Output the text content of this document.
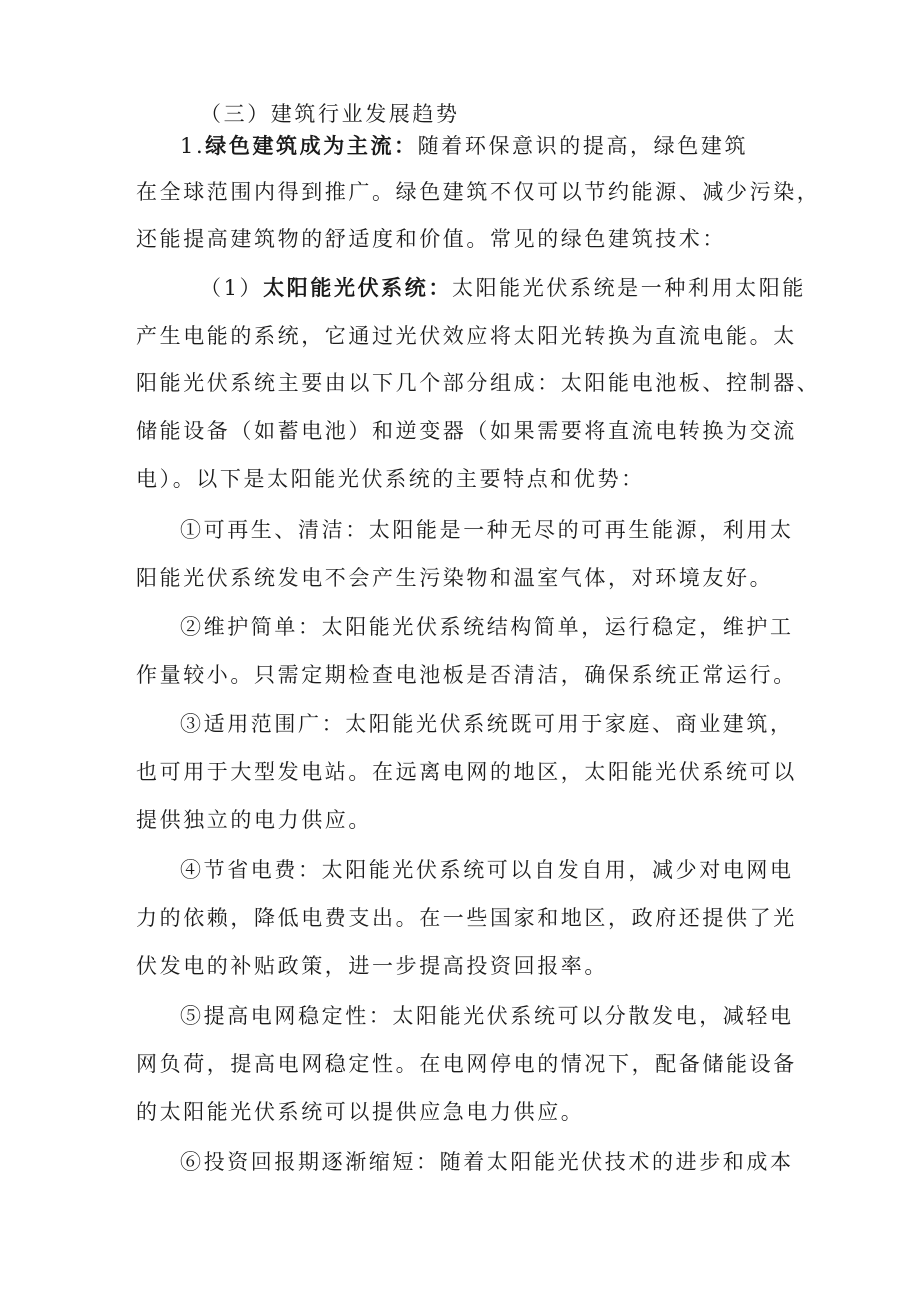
（三）建筑行业发展趋势
1.绿色建筑成为主流：随着环保意识的提高，绿色建筑
在全球范围内得到推广。绿色建筑不仅可以节约能源、减少污染，
还能提高建筑物的舒适度和价值。常见的绿色建筑技术：
（1）太阳能光伏系统：太阳能光伏系统是一种利用太阳能
产生电能的系统，它通过光伏效应将太阳光转换为直流电能。太
阳能光伏系统主要由以下几个部分组成：太阳能电池板、控制器、
储能设备（如蓄电池）和逆变器（如果需要将直流电转换为交流
电）。以下是太阳能光伏系统的主要特点和优势：
①可再生、清洁：太阳能是一种无尽的可再生能源，利用太
阳能光伏系统发电不会产生污染物和温室气体，对环境友好。
②维护简单：太阳能光伏系统结构简单，运行稳定，维护工
作量较小。只需定期检查电池板是否清洁，确保系统正常运行。
③适用范围广：太阳能光伏系统既可用于家庭、商业建筑，
也可用于大型发电站。在远离电网的地区，太阳能光伏系统可以
提供独立的电力供应。
④节省电费：太阳能光伏系统可以自发自用，减少对电网电
力的依赖，降低电费支出。在一些国家和地区，政府还提供了光
伏发电的补贴政策，进一步提高投资回报率。
⑤提高电网稳定性：太阳能光伏系统可以分散发电，减轻电
网负荷，提高电网稳定性。在电网停电的情况下，配备储能设备
的太阳能光伏系统可以提供应急电力供应。
⑥投资回报期逐渐缩短：随着太阳能光伏技术的进步和成本
